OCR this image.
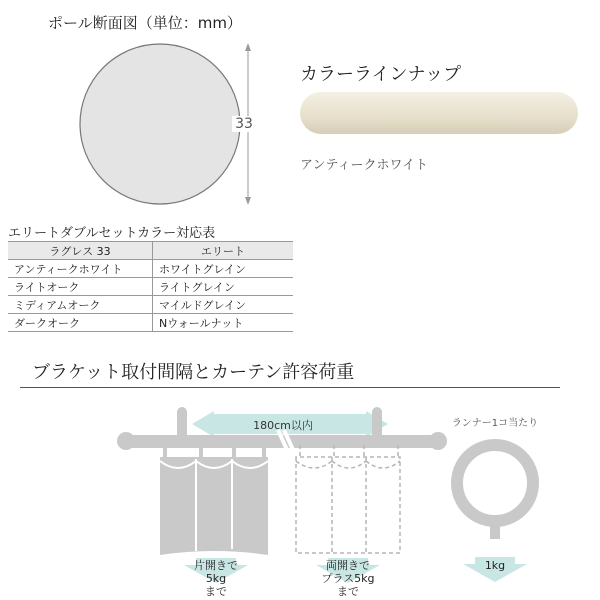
ポール断面図（単位：mm）
33
カラーラインナップ
アンティークホワイト
エリートダブルセットカラー対応表
ラグレス 33	エリート
アンティークホワイト	ホワイトグレイン
ライトオーク	ライトグレイン
ミディアムオーク	マイルドグレイン
ダークオーク	Nウォールナット
ブラケット取付間隔とカーテン許容荷重
180cm以内	ランナー1コ当たり
片開きで
5kg
まで
両開きで
プラス5kg
まで
1kg
